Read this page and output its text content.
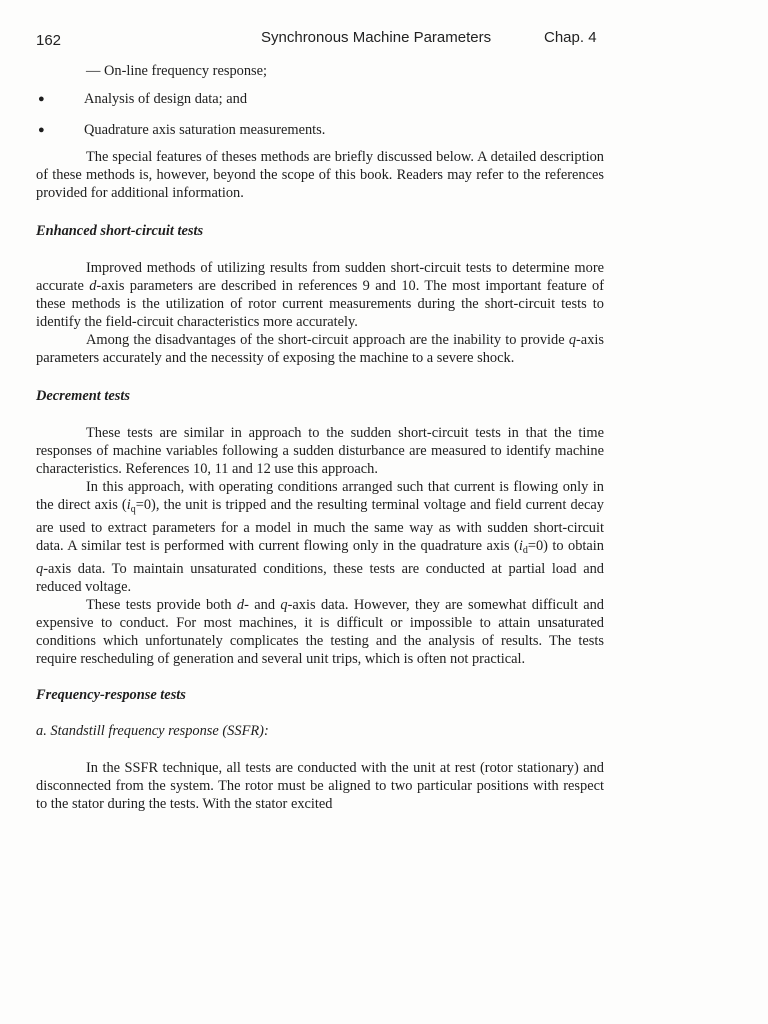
162	Synchronous Machine Parameters	Chap. 4

— On-line frequency response;

●	Analysis of design data; and

●	Quadrature axis saturation measurements.

The special features of theses methods are briefly discussed below. A detailed description of these methods is, however, beyond the scope of this book. Readers may refer to the references provided for additional information.

Enhanced short-circuit tests

Improved methods of utilizing results from sudden short-circuit tests to determine more accurate d-axis parameters are described in references 9 and 10. The most important feature of these methods is the utilization of rotor current measurements during the short-circuit tests to identify the field-circuit characteristics more accurately.

Among the disadvantages of the short-circuit approach are the inability to provide q-axis parameters accurately and the necessity of exposing the machine to a severe shock.

Decrement tests

These tests are similar in approach to the sudden short-circuit tests in that the time responses of machine variables following a sudden disturbance are measured to identify machine characteristics. References 10, 11 and 12 use this approach.

In this approach, with operating conditions arranged such that current is flowing only in the direct axis $(i_q=0)$, the unit is tripped and the resulting terminal voltage and field current decay are used to extract parameters for a model in much the same way as with sudden short-circuit data. A similar test is performed with current flowing only in the quadrature axis $(i_d=0)$ to obtain q-axis data. To maintain unsaturated conditions, these tests are conducted at partial load and reduced voltage.

These tests provide both d- and q-axis data. However, they are somewhat difficult and expensive to conduct. For most machines, it is difficult or impossible to attain unsaturated conditions which unfortunately complicates the testing and the analysis of results. The tests require rescheduling of generation and several unit trips, which is often not practical.

Frequency-response tests

a. Standstill frequency response (SSFR):

In the SSFR technique, all tests are conducted with the unit at rest (rotor stationary) and disconnected from the system. The rotor must be aligned to two particular positions with respect to the stator during the tests. With the stator excited
